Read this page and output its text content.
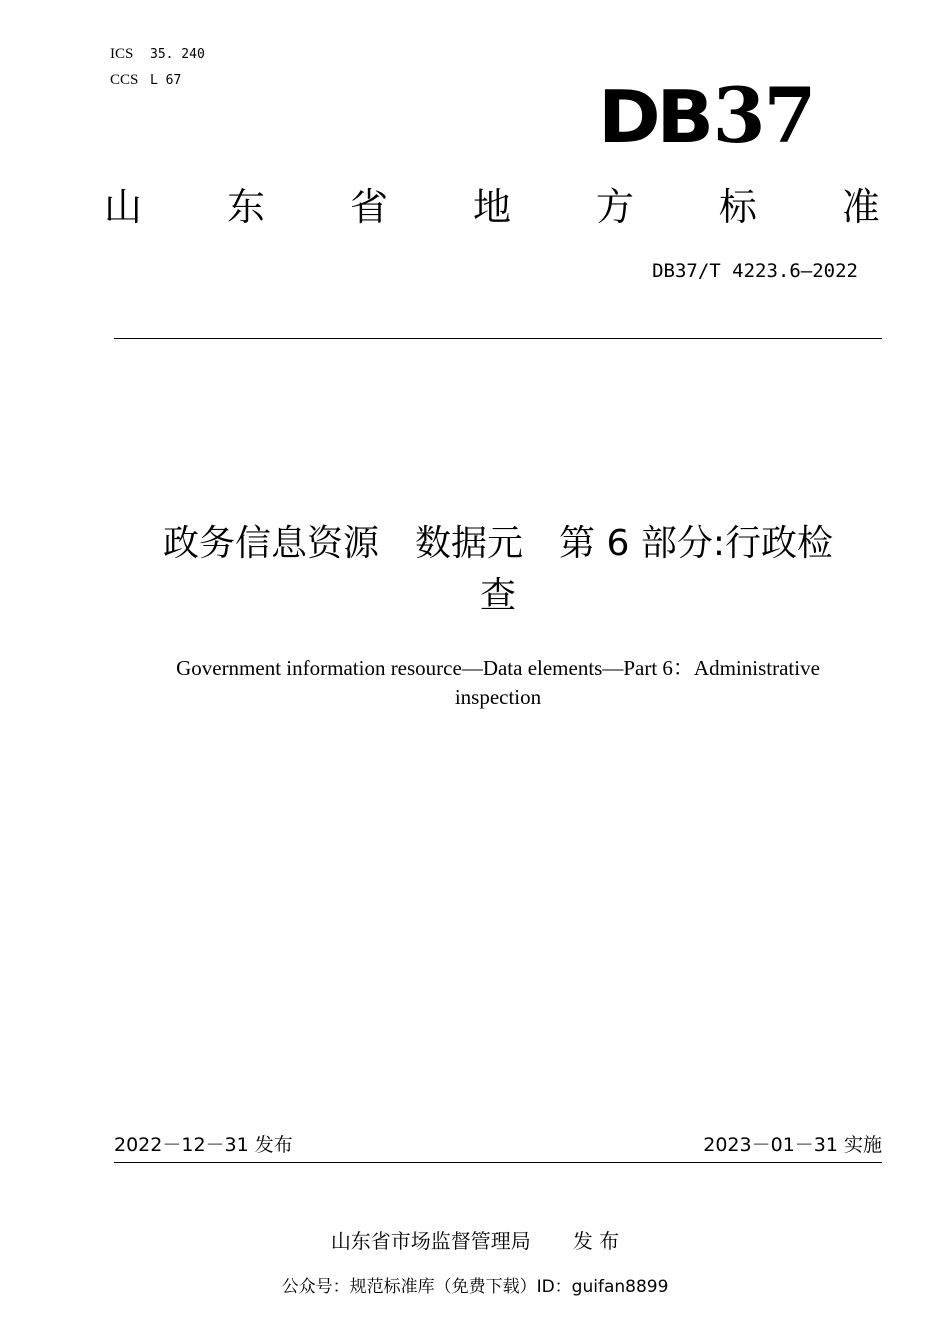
ICS 35. 240
CCS L 67	DB37
山 东 省 地 方 标 准
DB37/T 4223.6—2022
政务信息资源　数据元　第 6 部分:行政检
查
Government information resource—Data elements—Part 6：Administrative
inspection
2022－12－31 发布	2023－01－31 实施
山东省市场监督管理局 发 布
公众号：规范标准库（免费下载）ID：guifan8899
